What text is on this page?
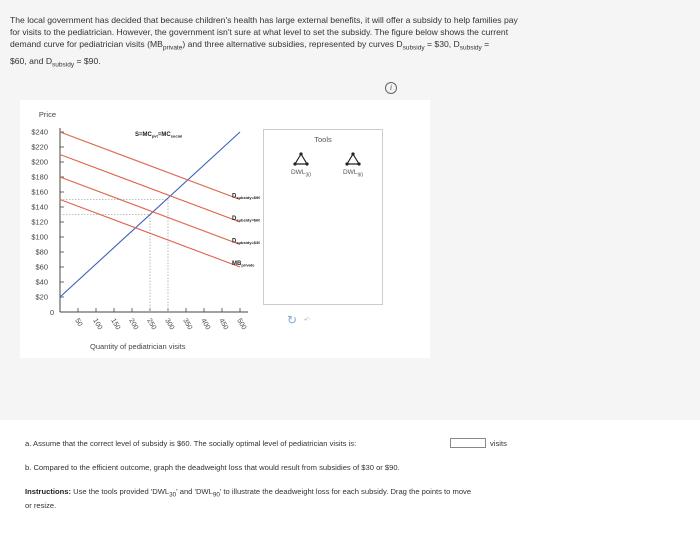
The local government has decided that because children's health has large external benefits, it will offer a subsidy to help families pay
for visits to the pediatrician. However, the government isn't sure at what level to set the subsidy. The figure below shows the current
demand curve for pediatrician visits $(MB_{private})$ and three alternative subsidies, represented by curves $D_{subsidy}$ = $30, $D_{subsidy}$ =
$60, and $D_{subsidy}$ = $90.
i
Price
$240
$220
$200
$180
$160
$140
$120
$100
$80
$60
$40
$20
0
50 100 150 200 250 300 350 400 450 500
Quantity of pediatrician visits
$S=MC_{pvt}=MC_{social}$
$D_{subsidy=\$90}$
$D_{subsidy=\$60}$
$D_{subsidy=\$30}$
$MB_{private}$
Tools
$DWL_{30}$	$DWL_{90}$
↻ ↶
a. Assume that the correct level of subsidy is $60. The socially optimal level of pediatrician visits is:	visits
b. Compared to the efficient outcome, graph the deadweight loss that would result from subsidies of $30 or $90.
Instructions: Use the tools provided '$DWL_{30}$' and '$DWL_{90}$' to illustrate the deadweight loss for each subsidy. Drag the points to move
or resize.
